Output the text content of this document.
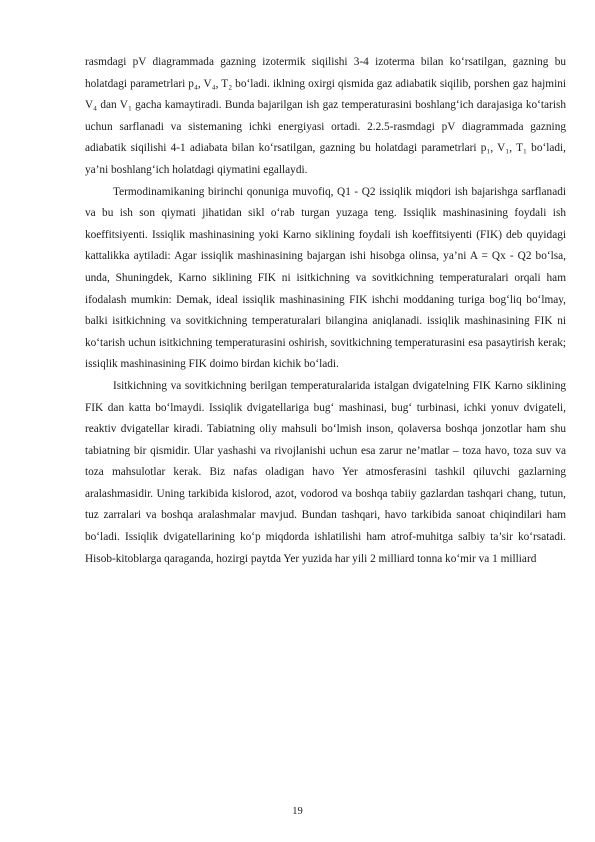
rasmdagi pV diagrammada gazning izotermik siqilishi 3-4 izoterma bilan ko‘rsatilgan, gazning bu holatdagi parametrlari p₄, V₄, T₂ bo‘ladi. iklning oxirgi qismida gaz adiabatik siqilib, porshen gaz hajmini V₄ dan V₁ gacha kamaytiradi. Bunda bajarilgan ish gaz temperaturasini boshlang‘ich darajasiga ko‘tarish uchun sarflanadi va sistemaning ichki energiyasi ortadi. 2.2.5-rasmdagi pV diagrammada gazning adiabatik siqilishi 4-1 adiabata bilan ko‘rsatilgan, gazning bu holatdagi parametrlari p₁, V₁, T₁ bo‘ladi, ya’ni boshlang‘ich holatdagi qiymatini egallaydi.

Termodinamikaning birinchi qonuniga muvofiq, Q1 - Q2 issiqlik miqdori ish bajarishga sarflanadi va bu ish son qiymati jihatidan sikl o‘rab turgan yuzaga teng. Issiqlik mashinasining foydali ish koeffitsiyenti. Issiqlik mashinasining yoki Karno siklining foydali ish koeffitsiyenti (FIK) deb quyidagi kattalikka aytiladi: Agar issiqlik mashinasining bajargan ishi hisobga olinsa, ya’ni A = Qx - Q2 bo‘lsa, unda, Shuningdek, Karno siklining FIK ni isitkichning va sovitkichning temperaturalari orqali ham ifodalash mumkin: Demak, ideal issiqlik mashinasining FIK ishchi moddaning turiga bog‘liq bo‘lmay, balki isitkichning va sovitkichning temperaturalari bilangina aniqlanadi. issiqlik mashinasining FIK ni ko‘tarish uchun isitkichning temperaturasini oshirish, sovitkichning temperaturasini esa pasaytirish kerak; issiqlik mashinasining FIK doimo birdan kichik bo‘ladi.

Isitkichning va sovitkichning berilgan temperaturalarida istalgan dvigatelning FIK Karno siklining FIK dan katta bo‘lmaydi. Issiqlik dvigatellariga bug‘ mashinasi, bug‘ turbinasi, ichki yonuv dvigateli, reaktiv dvigatellar kiradi. Tabiatning oliy mahsuli bo‘lmish inson, qolaversa boshqa jonzotlar ham shu tabiatning bir qismidir. Ular yashashi va rivojlanishi uchun esa zarur ne’matlar – toza havo, toza suv va toza mahsulotlar kerak. Biz nafas oladigan havo Yer atmosferasini tashkil qiluvchi gazlarning aralashmasidir. Uning tarkibida kislorod, azot, vodorod va boshqa tabiiy gazlardan tashqari chang, tutun, tuz zarralari va boshqa aralashmalar mavjud. Bundan tashqari, havo tarkibida sanoat chiqindilari ham bo‘ladi. Issiqlik dvigatellarining ko‘p miqdorda ishlatilishi ham atrof-muhitga salbiy ta’sir ko‘rsatadi. Hisob-kitoblarga qaraganda, hozirgi paytda Yer yuzida har yili 2 milliard tonna ko‘mir va 1 milliard

19
